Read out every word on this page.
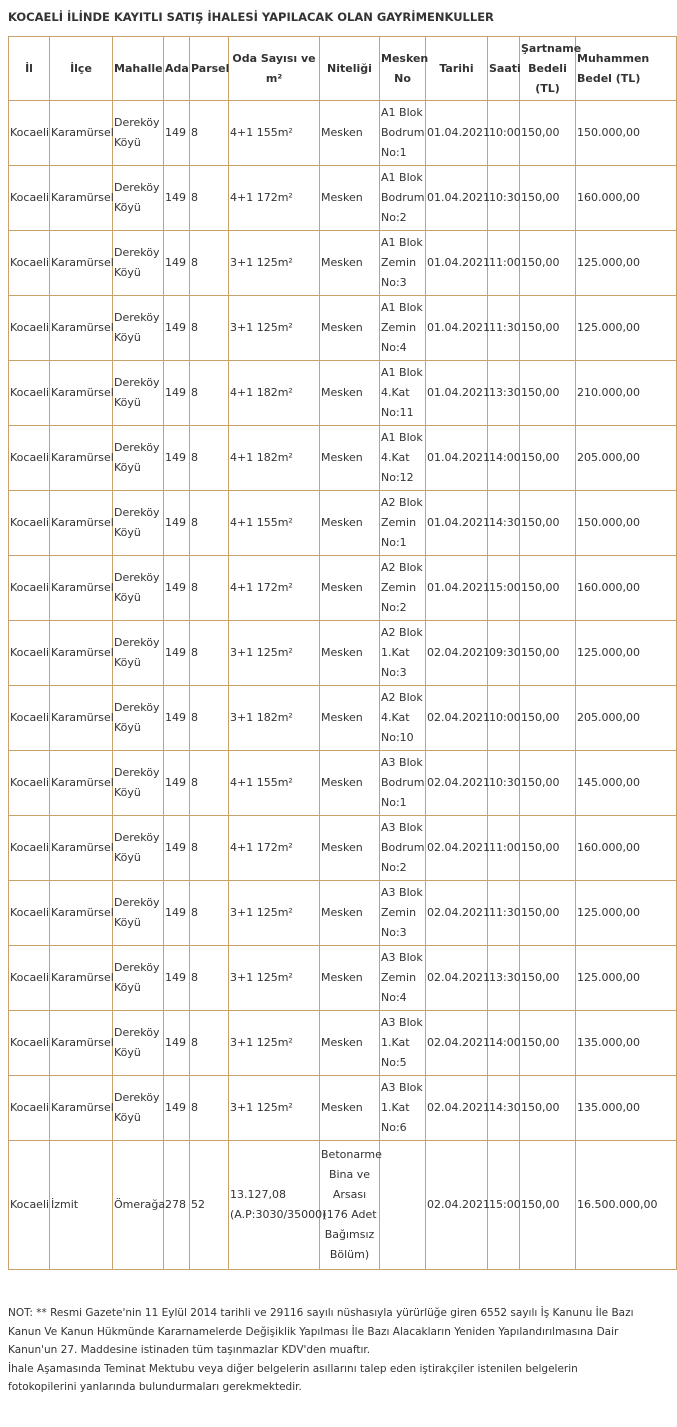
KOCAELİ İLİNDE KAYITLI SATIŞ İHALESİ YAPILACAK OLAN GAYRİMENKULLER
İl	İlçe	Mahalle	Ada	Parsel	Oda Sayısı ve m²	Niteliği	Mesken No	Tarihi	Saati	Şartname Bedeli (TL)	Muhammen Bedel (TL)
Kocaeli	Karamürsel	Dereköy Köyü	149	8	4+1 155m²	Mesken	A1 Blok Bodrum No:1	01.04.2021	10:00	150,00	150.000,00
Kocaeli	Karamürsel	Dereköy Köyü	149	8	4+1 172m²	Mesken	A1 Blok Bodrum No:2	01.04.2021	10:30	150,00	160.000,00
Kocaeli	Karamürsel	Dereköy Köyü	149	8	3+1 125m²	Mesken	A1 Blok Zemin No:3	01.04.2021	11:00	150,00	125.000,00
Kocaeli	Karamürsel	Dereköy Köyü	149	8	3+1 125m²	Mesken	A1 Blok Zemin No:4	01.04.2021	11:30	150,00	125.000,00
Kocaeli	Karamürsel	Dereköy Köyü	149	8	4+1 182m²	Mesken	A1 Blok 4.Kat No:11	01.04.2021	13:30	150,00	210.000,00
Kocaeli	Karamürsel	Dereköy Köyü	149	8	4+1 182m²	Mesken	A1 Blok 4.Kat No:12	01.04.2021	14:00	150,00	205.000,00
Kocaeli	Karamürsel	Dereköy Köyü	149	8	4+1 155m²	Mesken	A2 Blok Zemin No:1	01.04.2021	14:30	150,00	150.000,00
Kocaeli	Karamürsel	Dereköy Köyü	149	8	4+1 172m²	Mesken	A2 Blok Zemin No:2	01.04.2021	15:00	150,00	160.000,00
Kocaeli	Karamürsel	Dereköy Köyü	149	8	3+1 125m²	Mesken	A2 Blok 1.Kat No:3	02.04.2021	09:30	150,00	125.000,00
Kocaeli	Karamürsel	Dereköy Köyü	149	8	3+1 182m²	Mesken	A2 Blok 4.Kat No:10	02.04.2021	10:00	150,00	205.000,00
Kocaeli	Karamürsel	Dereköy Köyü	149	8	4+1 155m²	Mesken	A3 Blok Bodrum No:1	02.04.2021	10:30	150,00	145.000,00
Kocaeli	Karamürsel	Dereköy Köyü	149	8	4+1 172m²	Mesken	A3 Blok Bodrum No:2	02.04.2021	11:00	150,00	160.000,00
Kocaeli	Karamürsel	Dereköy Köyü	149	8	3+1 125m²	Mesken	A3 Blok Zemin No:3	02.04.2021	11:30	150,00	125.000,00
Kocaeli	Karamürsel	Dereköy Köyü	149	8	3+1 125m²	Mesken	A3 Blok Zemin No:4	02.04.2021	13:30	150,00	125.000,00
Kocaeli	Karamürsel	Dereköy Köyü	149	8	3+1 125m²	Mesken	A3 Blok 1.Kat No:5	02.04.2021	14:00	150,00	135.000,00
Kocaeli	Karamürsel	Dereköy Köyü	149	8	3+1 125m²	Mesken	A3 Blok 1.Kat No:6	02.04.2021	14:30	150,00	135.000,00
Kocaeli	İzmit	Ömerağa	278	52	13.127,08 (A.P:3030/35000)	Betonarme Bina ve Arsası (176 Adet Bağımsız Bölüm)		02.04.2021	15:00	150,00	16.500.000,00

NOT: ** Resmi Gazete'nin 11 Eylül 2014 tarihli ve 29116 sayılı nüshasıyla yürürlüğe giren 6552 sayılı İş Kanunu İle Bazı Kanun Ve Kanun Hükmünde Kararnamelerde Değişiklik Yapılması İle Bazı Alacakların Yeniden Yapılandırılmasına Dair Kanun'un 27. Maddesine istinaden tüm taşınmazlar KDV'den muaftır.

İhale Aşamasında Teminat Mektubu veya diğer belgelerin asıllarını talep eden iştirakçiler istenilen belgelerin fotokopilerini yanlarında bulundurmaları gerekmektedir.
